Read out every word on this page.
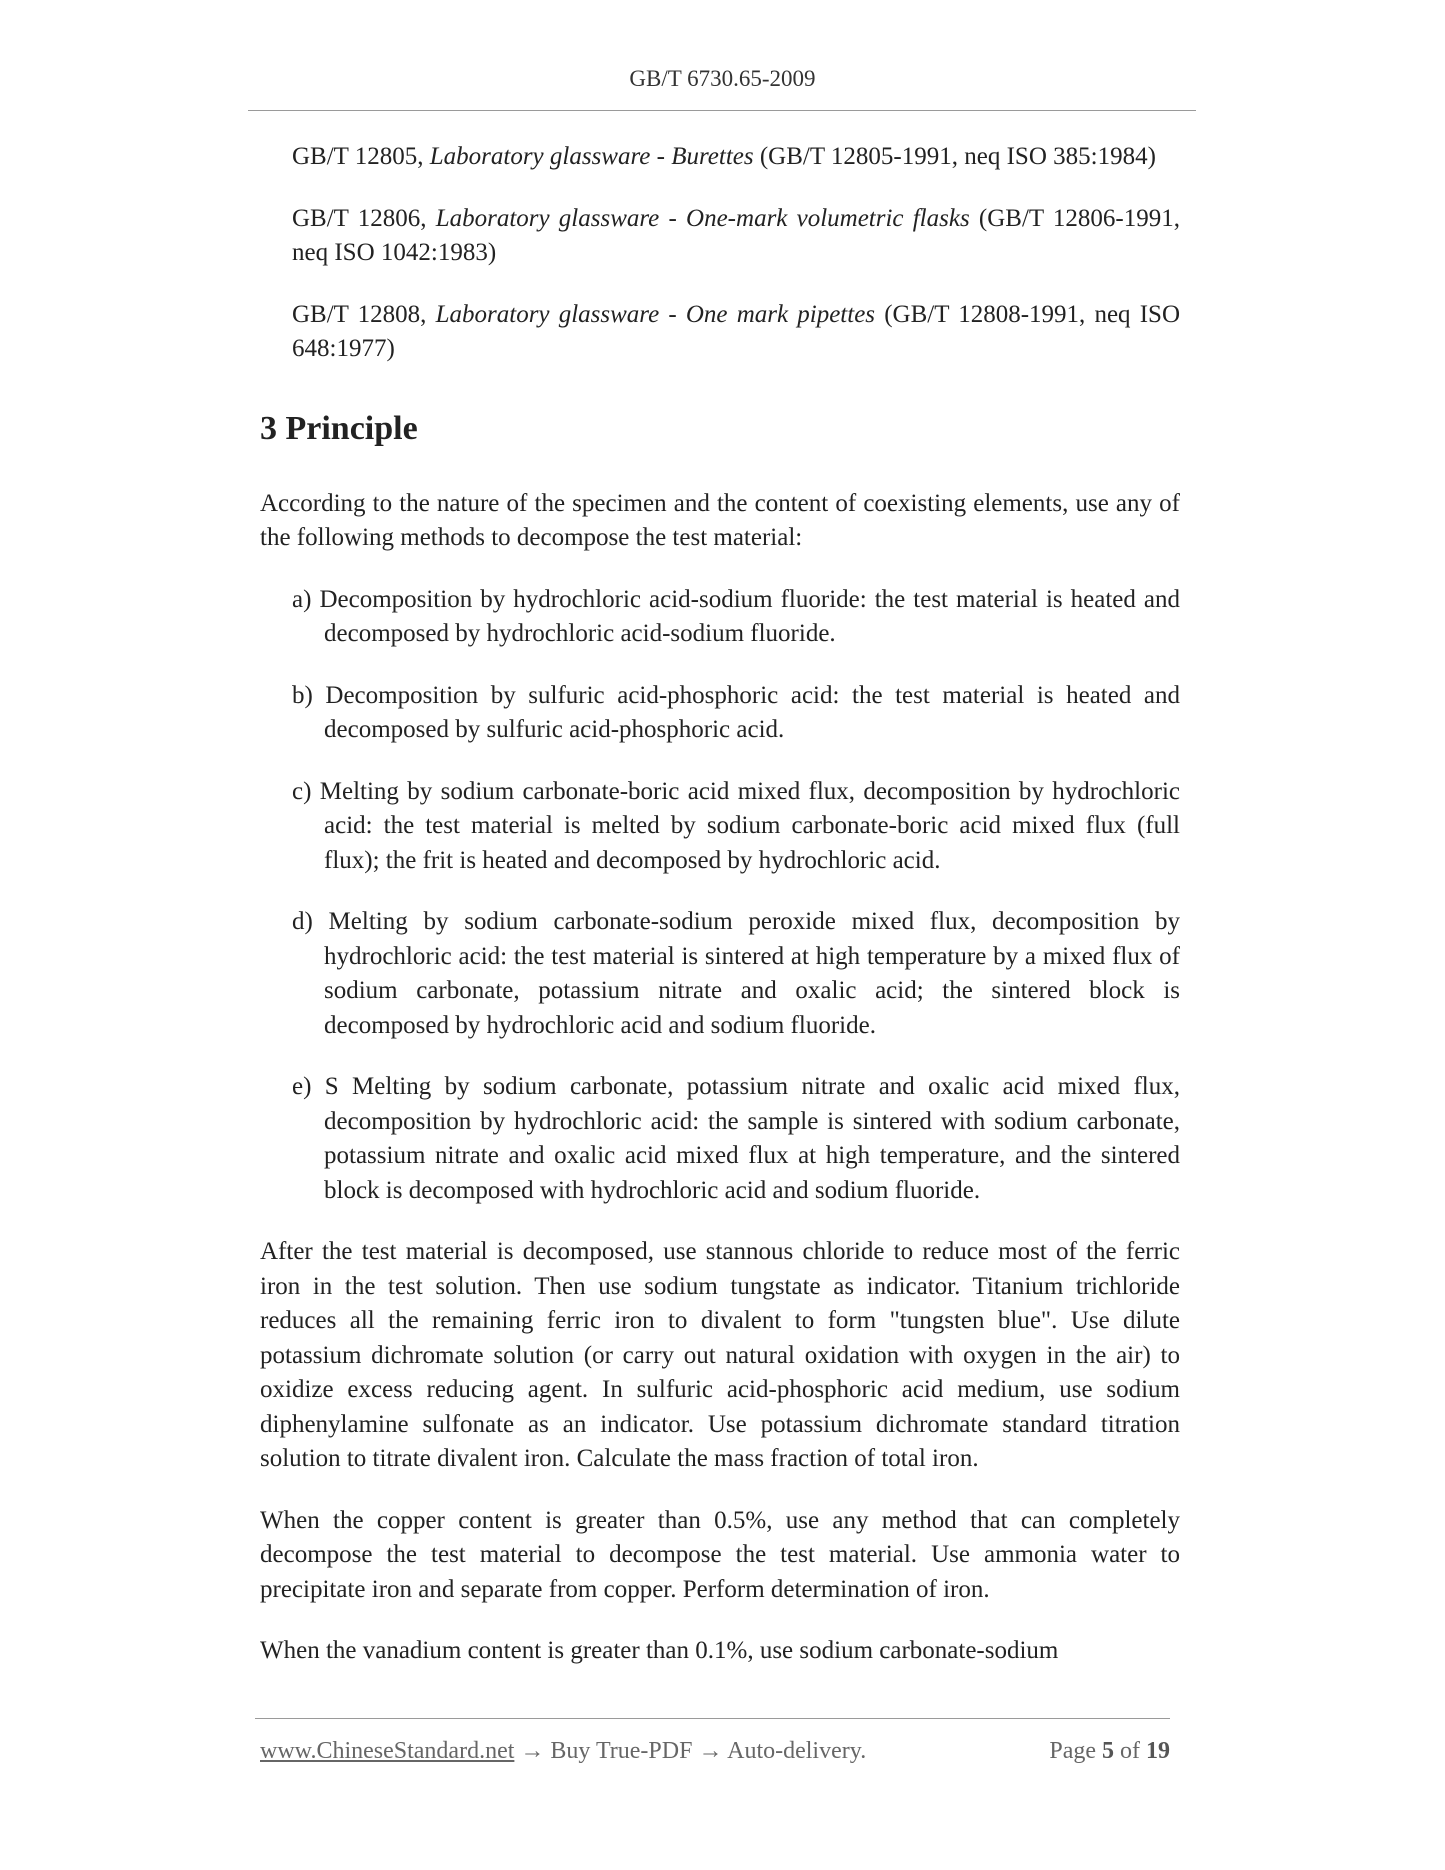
GB/T 6730.65-2009

GB/T 12805, Laboratory glassware - Burettes (GB/T 12805-1991, neq ISO 385:1984)

GB/T 12806, Laboratory glassware - One-mark volumetric flasks (GB/T 12806-1991, neq ISO 1042:1983)

GB/T 12808, Laboratory glassware - One mark pipettes (GB/T 12808-1991, neq ISO 648:1977)

3 Principle

According to the nature of the specimen and the content of coexisting elements, use any of the following methods to decompose the test material:

a) Decomposition by hydrochloric acid-sodium fluoride: the test material is heated and decomposed by hydrochloric acid-sodium fluoride.

b) Decomposition by sulfuric acid-phosphoric acid: the test material is heated and decomposed by sulfuric acid-phosphoric acid.

c) Melting by sodium carbonate-boric acid mixed flux, decomposition by hydrochloric acid: the test material is melted by sodium carbonate-boric acid mixed flux (full flux); the frit is heated and decomposed by hydrochloric acid.

d) Melting by sodium carbonate-sodium peroxide mixed flux, decomposition by hydrochloric acid: the test material is sintered at high temperature by a mixed flux of sodium carbonate, potassium nitrate and oxalic acid; the sintered block is decomposed by hydrochloric acid and sodium fluoride.

e) S Melting by sodium carbonate, potassium nitrate and oxalic acid mixed flux, decomposition by hydrochloric acid: the sample is sintered with sodium carbonate, potassium nitrate and oxalic acid mixed flux at high temperature, and the sintered block is decomposed with hydrochloric acid and sodium fluoride.

After the test material is decomposed, use stannous chloride to reduce most of the ferric iron in the test solution. Then use sodium tungstate as indicator. Titanium trichloride reduces all the remaining ferric iron to divalent to form "tungsten blue". Use dilute potassium dichromate solution (or carry out natural oxidation with oxygen in the air) to oxidize excess reducing agent. In sulfuric acid-phosphoric acid medium, use sodium diphenylamine sulfonate as an indicator. Use potassium dichromate standard titration solution to titrate divalent iron. Calculate the mass fraction of total iron.

When the copper content is greater than 0.5%, use any method that can completely decompose the test material to decompose the test material. Use ammonia water to precipitate iron and separate from copper. Perform determination of iron.

When the vanadium content is greater than 0.1%, use sodium carbonate-sodium

www.ChineseStandard.net → Buy True-PDF → Auto-delivery.	Page 5 of 19
